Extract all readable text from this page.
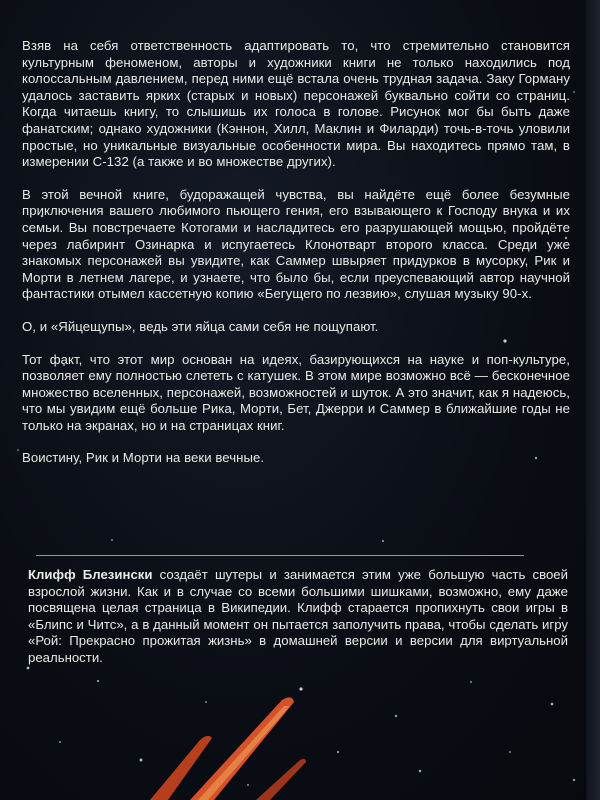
Взяв на себя ответственность адаптировать то, что стремительно становится культурным феноменом, авторы и художники книги не только находились под колоссальным давлением, перед ними ещё встала очень трудная задача. Заку Горману удалось заставить ярких (старых и новых) персонажей буквально сойти со страниц. Когда читаешь книгу, то слышишь их голоса в голове. Рисунок мог бы быть даже фанатским; однако художники (Кэннон, Хилл, Маклин и Филарди) точь-в-точь уловили простые, но уникальные визуальные особенности мира. Вы находитесь прямо там, в измерении С-132 (а также и во множестве других).

В этой вечной книге, будоражащей чувства, вы найдёте ещё более безумные приключения вашего любимого пьющего гения, его взывающего к Господу внука и их семьи. Вы повстречаете Котогами и насладитесь его разрушающей мощью, пройдёте через лабиринт Озинарка и испугаетесь Клонотварт второго класса. Среди уже знакомых персонажей вы увидите, как Саммер швыряет придурков в мусорку, Рик и Морти в летнем лагере, и узнаете, что было бы, если преуспевающий автор научной фантастики отымел кассетную копию «Бегущего по лезвию», слушая музыку 90-х.

О, и «Яйцещупы», ведь эти яйца сами себя не пощупают.

Тот факт, что этот мир основан на идеях, базирующихся на науке и поп-культуре, позволяет ему полностью слететь с катушек. В этом мире возможно всё — бесконечное множество вселенных, персонажей, возможностей и шуток. А это значит, как я надеюсь, что мы увидим ещё больше Рика, Морти, Бет, Джерри и Саммер в ближайшие годы не только на экранах, но и на страницах книг.

Воистину, Рик и Морти на веки вечные.

Клифф Блезински создаёт шутеры и занимается этим уже большую часть своей взрослой жизни. Как и в случае со всеми большими шишками, возможно, ему даже посвящена целая страница в Википедии. Клифф старается пропихнуть свои игры в «Блипс и Читс», а в данный момент он пытается заполучить права, чтобы сделать игру «Рой: Прекрасно прожитая жизнь» в домашней версии и версии для виртуальной реальности.
